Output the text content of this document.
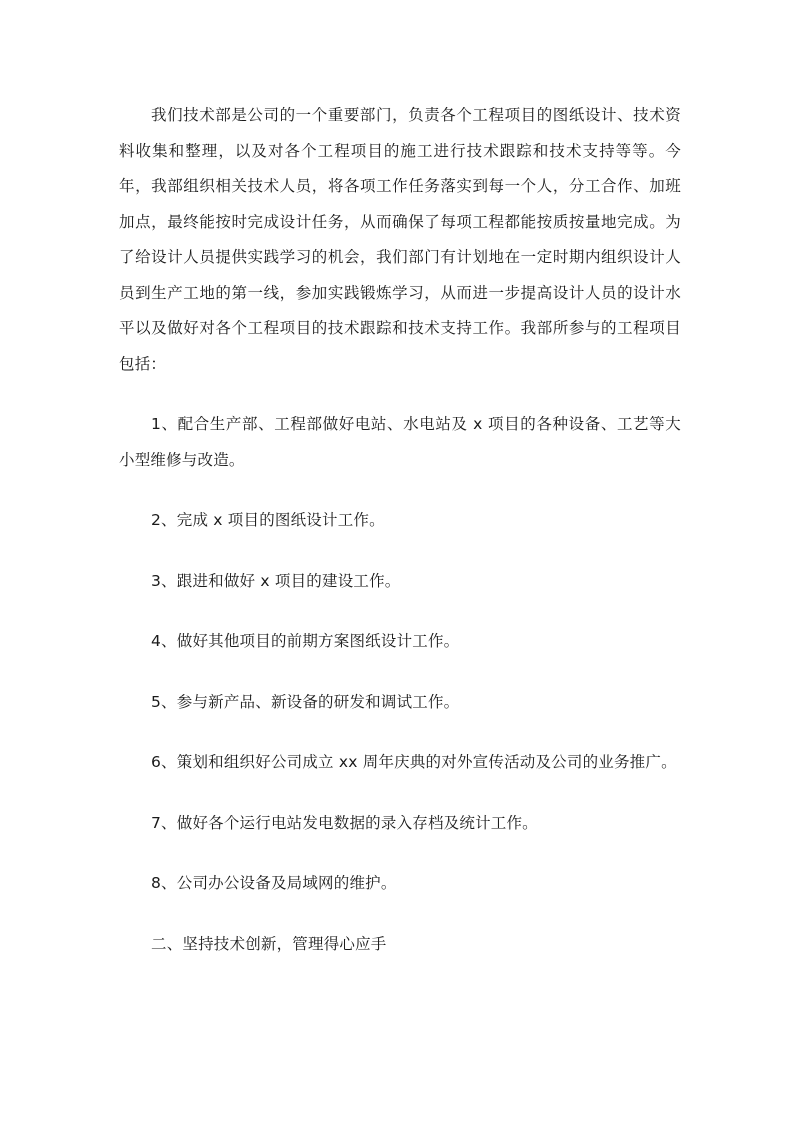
我们技术部是公司的一个重要部门，负责各个工程项目的图纸设计、技术资料收集和整理，以及对各个工程项目的施工进行技术跟踪和技术支持等等。今年，我部组织相关技术人员，将各项工作任务落实到每一个人，分工合作、加班加点，最终能按时完成设计任务，从而确保了每项工程都能按质按量地完成。为了给设计人员提供实践学习的机会，我们部门有计划地在一定时期内组织设计人员到生产工地的第一线，参加实践锻炼学习，从而进一步提高设计人员的设计水平以及做好对各个工程项目的技术跟踪和技术支持工作。我部所参与的工程项目包括：

1、配合生产部、工程部做好电站、水电站及 x 项目的各种设备、工艺等大小型维修与改造。

2、完成 x 项目的图纸设计工作。

3、跟进和做好 x 项目的建设工作。

4、做好其他项目的前期方案图纸设计工作。

5、参与新产品、新设备的研发和调试工作。

6、策划和组织好公司成立 xx 周年庆典的对外宣传活动及公司的业务推广。

7、做好各个运行电站发电数据的录入存档及统计工作。

8、公司办公设备及局域网的维护。

二、坚持技术创新，管理得心应手
